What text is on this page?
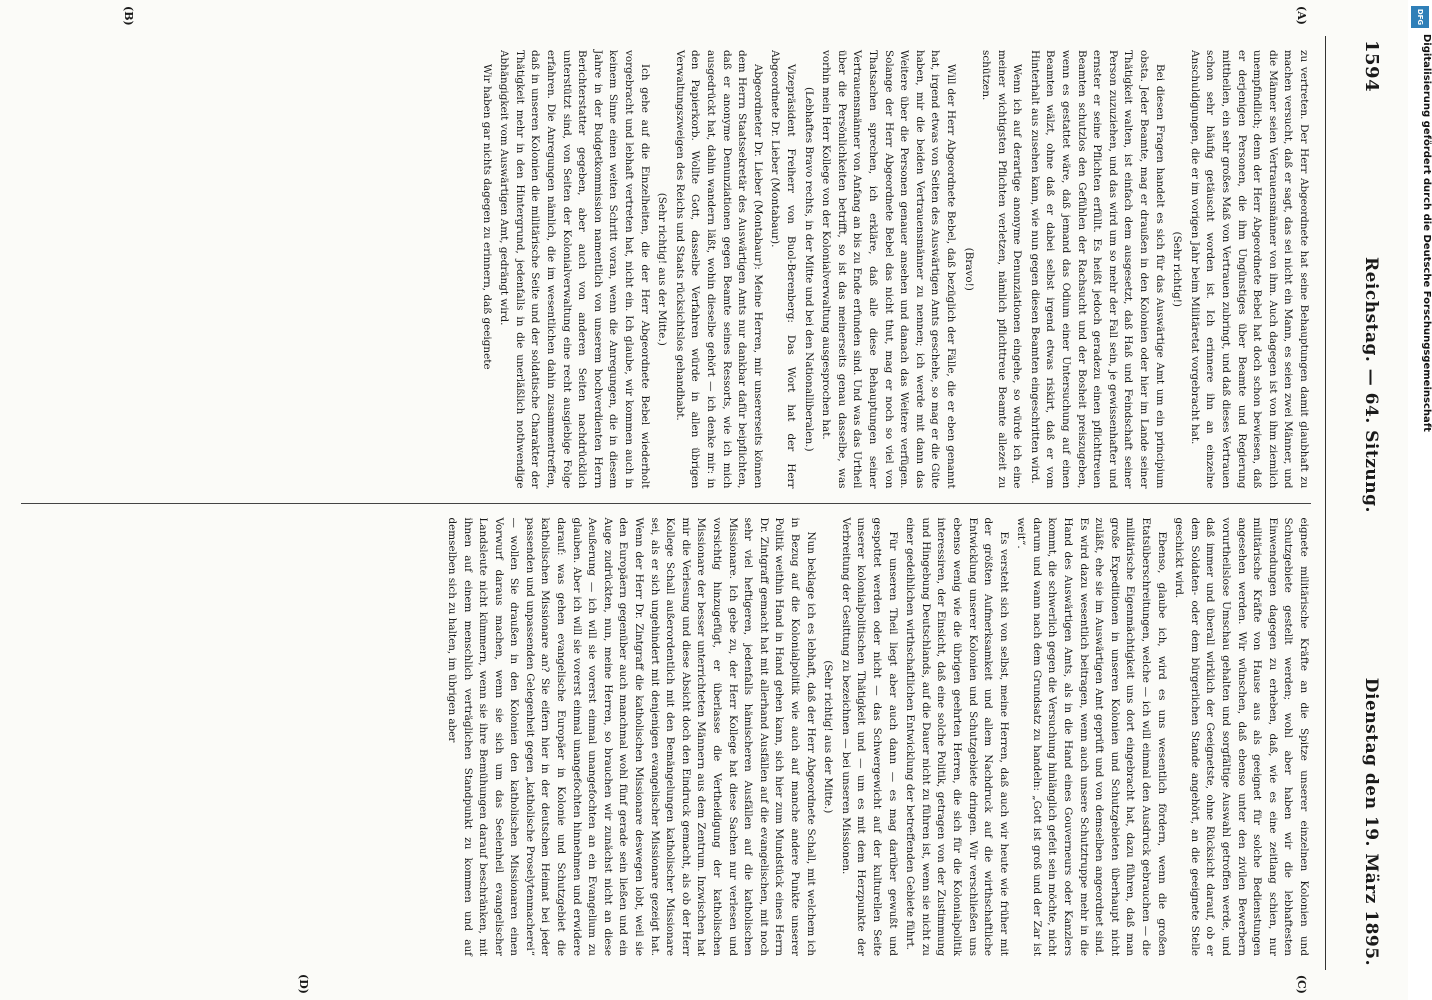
1594
Reichstag. — 64. Sitzung.
Dienstag den 19. März 1895.
(A)
(B)

zu vertreten. Der Herr Abgeordnete hat seine Behauptungen damit glaubhaft zu machen versucht, daß er sagt, das sei nicht ein Mann, es seien zwei Männer, und die Männer seien Vertrauensmänner von ihm. Auch dagegen ist von ihm ziemlich unempfindlich; denn der Herr Abgeordnete Bebel hat doch schon bewiesen, daß er derjenigen Personen, die ihm Ungünstiges über Beamte und Regierung mittheilen, ein sehr großes Maß von Vertrauen zubringt, und daß dieses Vertrauen schon sehr häufig getäuscht worden ist. Ich erinnere ihn an einzelne Anschuldigungen, die er im vorigen Jahr beim Militäretat vorgebracht hat.

(Sehr richtig!)

Bei diesen Fragen handelt es sich für das Auswärtige Amt um ein principium obsta. Jeder Beamte, mag er draußen in den Kolonien oder hier im Lande seiner Thätigkeit walten, ist einfach dem ausgesetzt, daß Haß und Feindschaft seiner Person zuzuziehen, und das wird um so mehr der Fall sein, je gewissenhafter und ernster er seine Pflichten erfüllt. Es heißt jedoch geradezu einen pflichttreuen Beamten schutzlos den Gefühlen der Rachsucht und der Bosheit preiszugeben, wenn es gestattet wäre, daß jemand das Odium einer Untersuchung auf einen Beamten wälzt, ohne daß er dabei selbst irgend etwas riskirt, daß er vom Hinterhalt aus zusehen kann, wie nun gegen diesen Beamten eingeschritten wird.

Wenn ich auf derartige anonyme Denunziationen eingehe, so würde ich eine meiner wichtigsten Pflichten verletzen, nämlich pflichttreue Beamte allezeit zu schützen.

(Bravo!)

Will der Herr Abgeordnete Bebel, daß bezüglich der Fälle, die er eben genannt hat, irgend etwas von Seiten des Auswärtigen Amts geschehe, so mag er die Güte haben, mir die beiden Vertrauensmänner zu nennen; ich werde mit dann das Weitere über die Personen genauer ansehen und danach das Weitere verfügen. Solange der Herr Abgeordnete Bebel das nicht thut, mag er noch so viel von Thatsachen sprechen, ich erkläre, daß alle diese Behauptungen seiner Vertrauensmänner von Anfang an bis zu Ende erfunden sind. Und was das Urtheil über die Persönlichkeiten betrifft, so ist das meinerseits genau dasselbe, was vorhin mein Herr Kollege von der Kolonialverwaltung ausgesprochen hat.

(Lebhaftes Bravo rechts, in der Mitte und bei den Nationalliberalen.)

Vizepräsident Freiherr von Buol-Berenberg: Das Wort hat der Herr Abgeordnete Dr. Lieber (Montabaur).

Abgeordneter Dr. Lieber (Montabaur): Meine Herren, mir unsererseits können dem Herrn Staatssekretär des Auswärtigen Amts nur dankbar dafür beipflichten, daß er anonyme Denunziationen gegen Beamte seines Ressorts, wie ich mich ausgedrückt hat, dahin wandern läßt, wohin dieselbe gehört — ich denke mir: in den Papierkorb. Wollte Gott, dasselbe Verfahren würde in allen übrigen Verwaltungszweigen des Reichs und Staats rücksichtslos gehandhabt.

(Sehr richtig! aus der Mitte.)

Ich gehe auf die Einzelheiten, die der Herr Abgeordnete Bebel wiederholt vorgebracht und lebhaft vertreten hat, nicht ein. Ich glaube, wir kommen auch in keinem Sinne einen weiten Schritt voran, wenn die Anregungen, die in diesem Jahre in der Budgetkommission namentlich von unserem hochverdienten Herrn Berichterstatter gegeben, aber auch von anderen Seiten nachdrücklich unterstützt sind, von Seiten der Kolonialverwaltung eine recht ausgiebige Folge erfahren. Die Anregungen nämlich, die im wesentlichen dahin zusammentreffen, daß in unseren Kolonien die militärische Seite und der soldatische Charakter der Thätigkeit mehr in den Hintergrund, jedenfalls in die unerläßlich nothwendige Abhängigkeit vom Auswärtigen Amt, gedrängt wird.

Wir haben gar nichts dagegen zu erinnern, daß geeignete

(C)
(D)

eignete militärische Kräfte an die Spitze unserer einzelnen Kolonien und Schutzgebiete gestellt werden; wohl aber haben wir die lebhaftesten Einwendungen dagegen zu erheben, daß, wie es eine zeitlang schien, nur militärische Kräfte von Hause aus als geeignet für solche Bedienstungen angesehen werden. Wir wünschen, daß ebenso unter den zivilen Bewerbern vorurtheilslose Umschau gehalten und sorgfältige Auswahl getroffen werde, und daß immer und überall wirklich der Geeignetste, ohne Rücksicht darauf, ob er dem Soldaten- oder dem bürgerlichen Stande angehört, an die geeignete Stelle geschickt wird.

Ebenso, glaube ich, wird es uns wesentlich fördern, wenn die großen Etatsüberschreitungen, welche — ich will einmal den Ausdruck gebrauchen — die militärische Eigenmächtigkeit uns dort eingebracht hat, dazu führen, daß man große Expeditionen in unseren Kolonien und Schutzgebieten überhaupt nicht zuläßt, ehe sie im Auswärtigen Amt geprüft und von demselben angeordnet sind. Es wird dazu wesentlich beitragen, wenn auch unsere Schutztruppe mehr in die Hand des Auswärtigen Amts, als in die Hand eines Gouverneurs oder Kanzlers kommt, die schwerlich gegen die Versuchung hinlänglich gefeit sein möchte, nicht darum und wann nach dem Grundsatz zu handeln: „Gott ist groß und der Zar ist weit“.

Es versteht sich von selbst, meine Herren, daß auch wir heute wie früher mit der größten Aufmerksamkeit und allem Nachdruck auf die wirthschaftliche Entwicklung unserer Kolonien und Schutzgebiete dringen. Wir verschließen uns ebenso wenig wie die übrigen geehrten Herren, die sich für die Kolonialpolitik interessiren, der Einsicht, daß eine solche Politik, getragen von der Zustimmung und Hingebung Deutschlands, auf die Dauer nicht zu führen ist, wenn sie nicht zu einer gedeihlichen wirthschaftlichen Entwicklung der betreffenden Gebiete führt.

Für unseren Theil liegt aber auch dann — es mag darüber gewußt und gespottet werden oder nicht — das Schwergewicht auf der kulturellen Seite unserer kolonialpolitischen Thätigkeit und — um es mit dem Herzpunkte der Verbreitung der Gesittung zu bezeichnen — bei unseren Missionen.

(Sehr richtig! aus der Mitte.)

Nun beklage ich es lebhaft, daß der Herr Abgeordnete Schall, mit welchem ich in Bezug auf die Kolonialpolitik wie auch auf manche andere Punkte unserer Politik weithin Hand in Hand gehen kann, sich hier zum Mundstück eines Herrn Dr. Zintgraff gemacht hat mit allerhand Ausfällen auf die evangelischen, mit noch sehr viel heftigeren, jedenfalls hämischeren Ausfällen auf die katholischen Missionare. Ich gebe zu, der Herr Kollege hat diese Sachen nur verlesen und vorsichtig hinzugefügt, er überlasse die Vertheidigung der katholischen Missionare der besser unterrichteten Männern aus dem Zentrum. Inzwischen hat mir die Verlesung und diese Absicht doch den Eindruck gemacht, als ob der Herr Kollege Schall außerordentlich mit den Bemängelungen katholischer Missionare sei, als er sich ungehindert mit denjenigen evangelischer Missionare gezeigt hat. Wenn der Herr Dr. Zintgraff die katholischen Missionare deswegen lobt, weil sie den Europäern gegenüber auch manchmal wohl fünf gerade sein ließen und ein Auge zudrückten, nun, meine Herren, so brauchen wir zunächst nicht an diese Aeußerung — ich will sie vorerst einmal unangefochten an ein Evangelium zu glauben. Aber ich will sie vorerst einmal unangefochten hinnehmen und erwidere darauf: was gehen evangelische Europäer in Kolonie und Schutzgebiet die katholischen Missionare an? Sie eifern hier in der deutschen Heimat bei jeder passenden und unpassenden Gelegenheit gegen „katholische Proselytenmacherei“ — wollen Sie draußen in den Kolonien den katholischen Missionaren einen Vorwurf daraus machen, wenn sie sich um das Seelenheil evangelischer Landsleute nicht kümmern, wenn sie ihre Bemühungen darauf beschränken, mit ihnen auf einem menschlich verträglichen Standpunkt zu kommen und auf demselben sich zu halten, im übrigen aber

DFG
Digitalisierung gefördert durch die Deutsche Forschungsgemeinschaft
